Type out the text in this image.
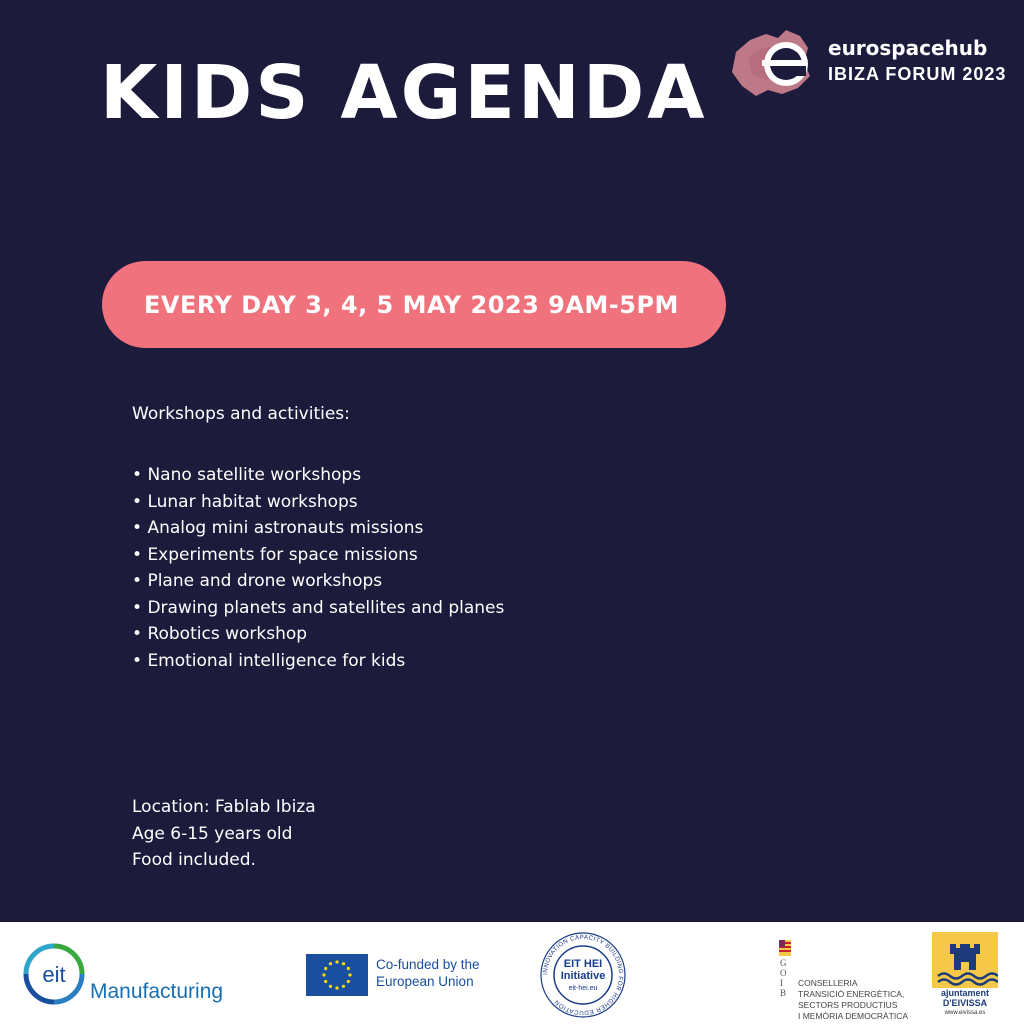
KIDS AGENDA
eurospacehub
IBIZA FORUM 2023
EVERY DAY 3, 4, 5 MAY 2023 9AM-5PM

Workshops and activities:

• Nano satellite workshops
• Lunar habitat workshops
• Analog mini astronauts missions
• Experiments for space missions
• Plane and drone workshops
• Drawing planets and satellites and planes
• Robotics workshop
• Emotional intelligence for kids
Location: Fablab Ibiza
Age 6-15 years old
Food included.
eit
Manufacturing
Co-funded by the
European Union
INNOVATION CAPACITY BUILDING FOR HIGHER EDUCATION
EIT HEI
Initiative
eit-hei.eu
G
O
I
B
CONSELLERIA
TRANSICIÓ ENERGÈTICA,
SECTORS PRODUCTIUS
I MEMÒRIA DEMOCRÀTICA
ajuntament
D'EIVISSA
www.eivissa.es
